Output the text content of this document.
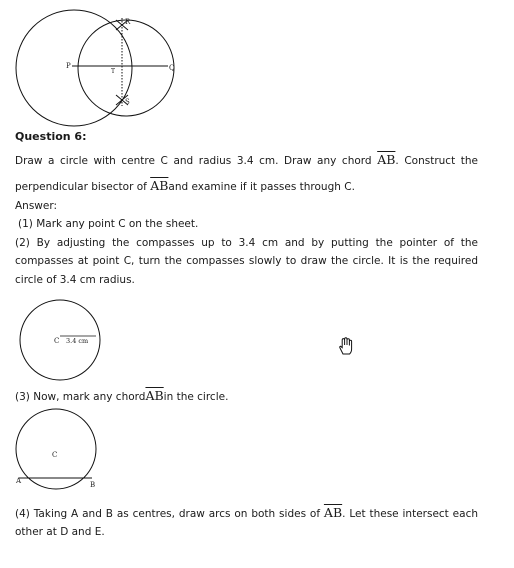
P	Q
R
S
T
Question 6:
Draw a circle with centre C and radius 3.4 cm. Draw any chord $\overline{AB}$. Construct the
perpendicular bisector of $\overline{AB}and$ examine if it passes through C.
Answer:
(1) Mark any point C on the sheet.
(2) By adjusting the compasses up to 3.4 cm and by putting the pointer of the
compasses at point C, turn the compasses slowly to draw the circle. It is the required
circle of 3.4 cm radius.
C 3.4 cm
(3) Now, mark any $chord\overline{AB}in$ the circle.
C
A	B
(4) Taking A and B as centres, draw arcs on both sides of $\overline{AB}$. Let these intersect each
other at D and E.
